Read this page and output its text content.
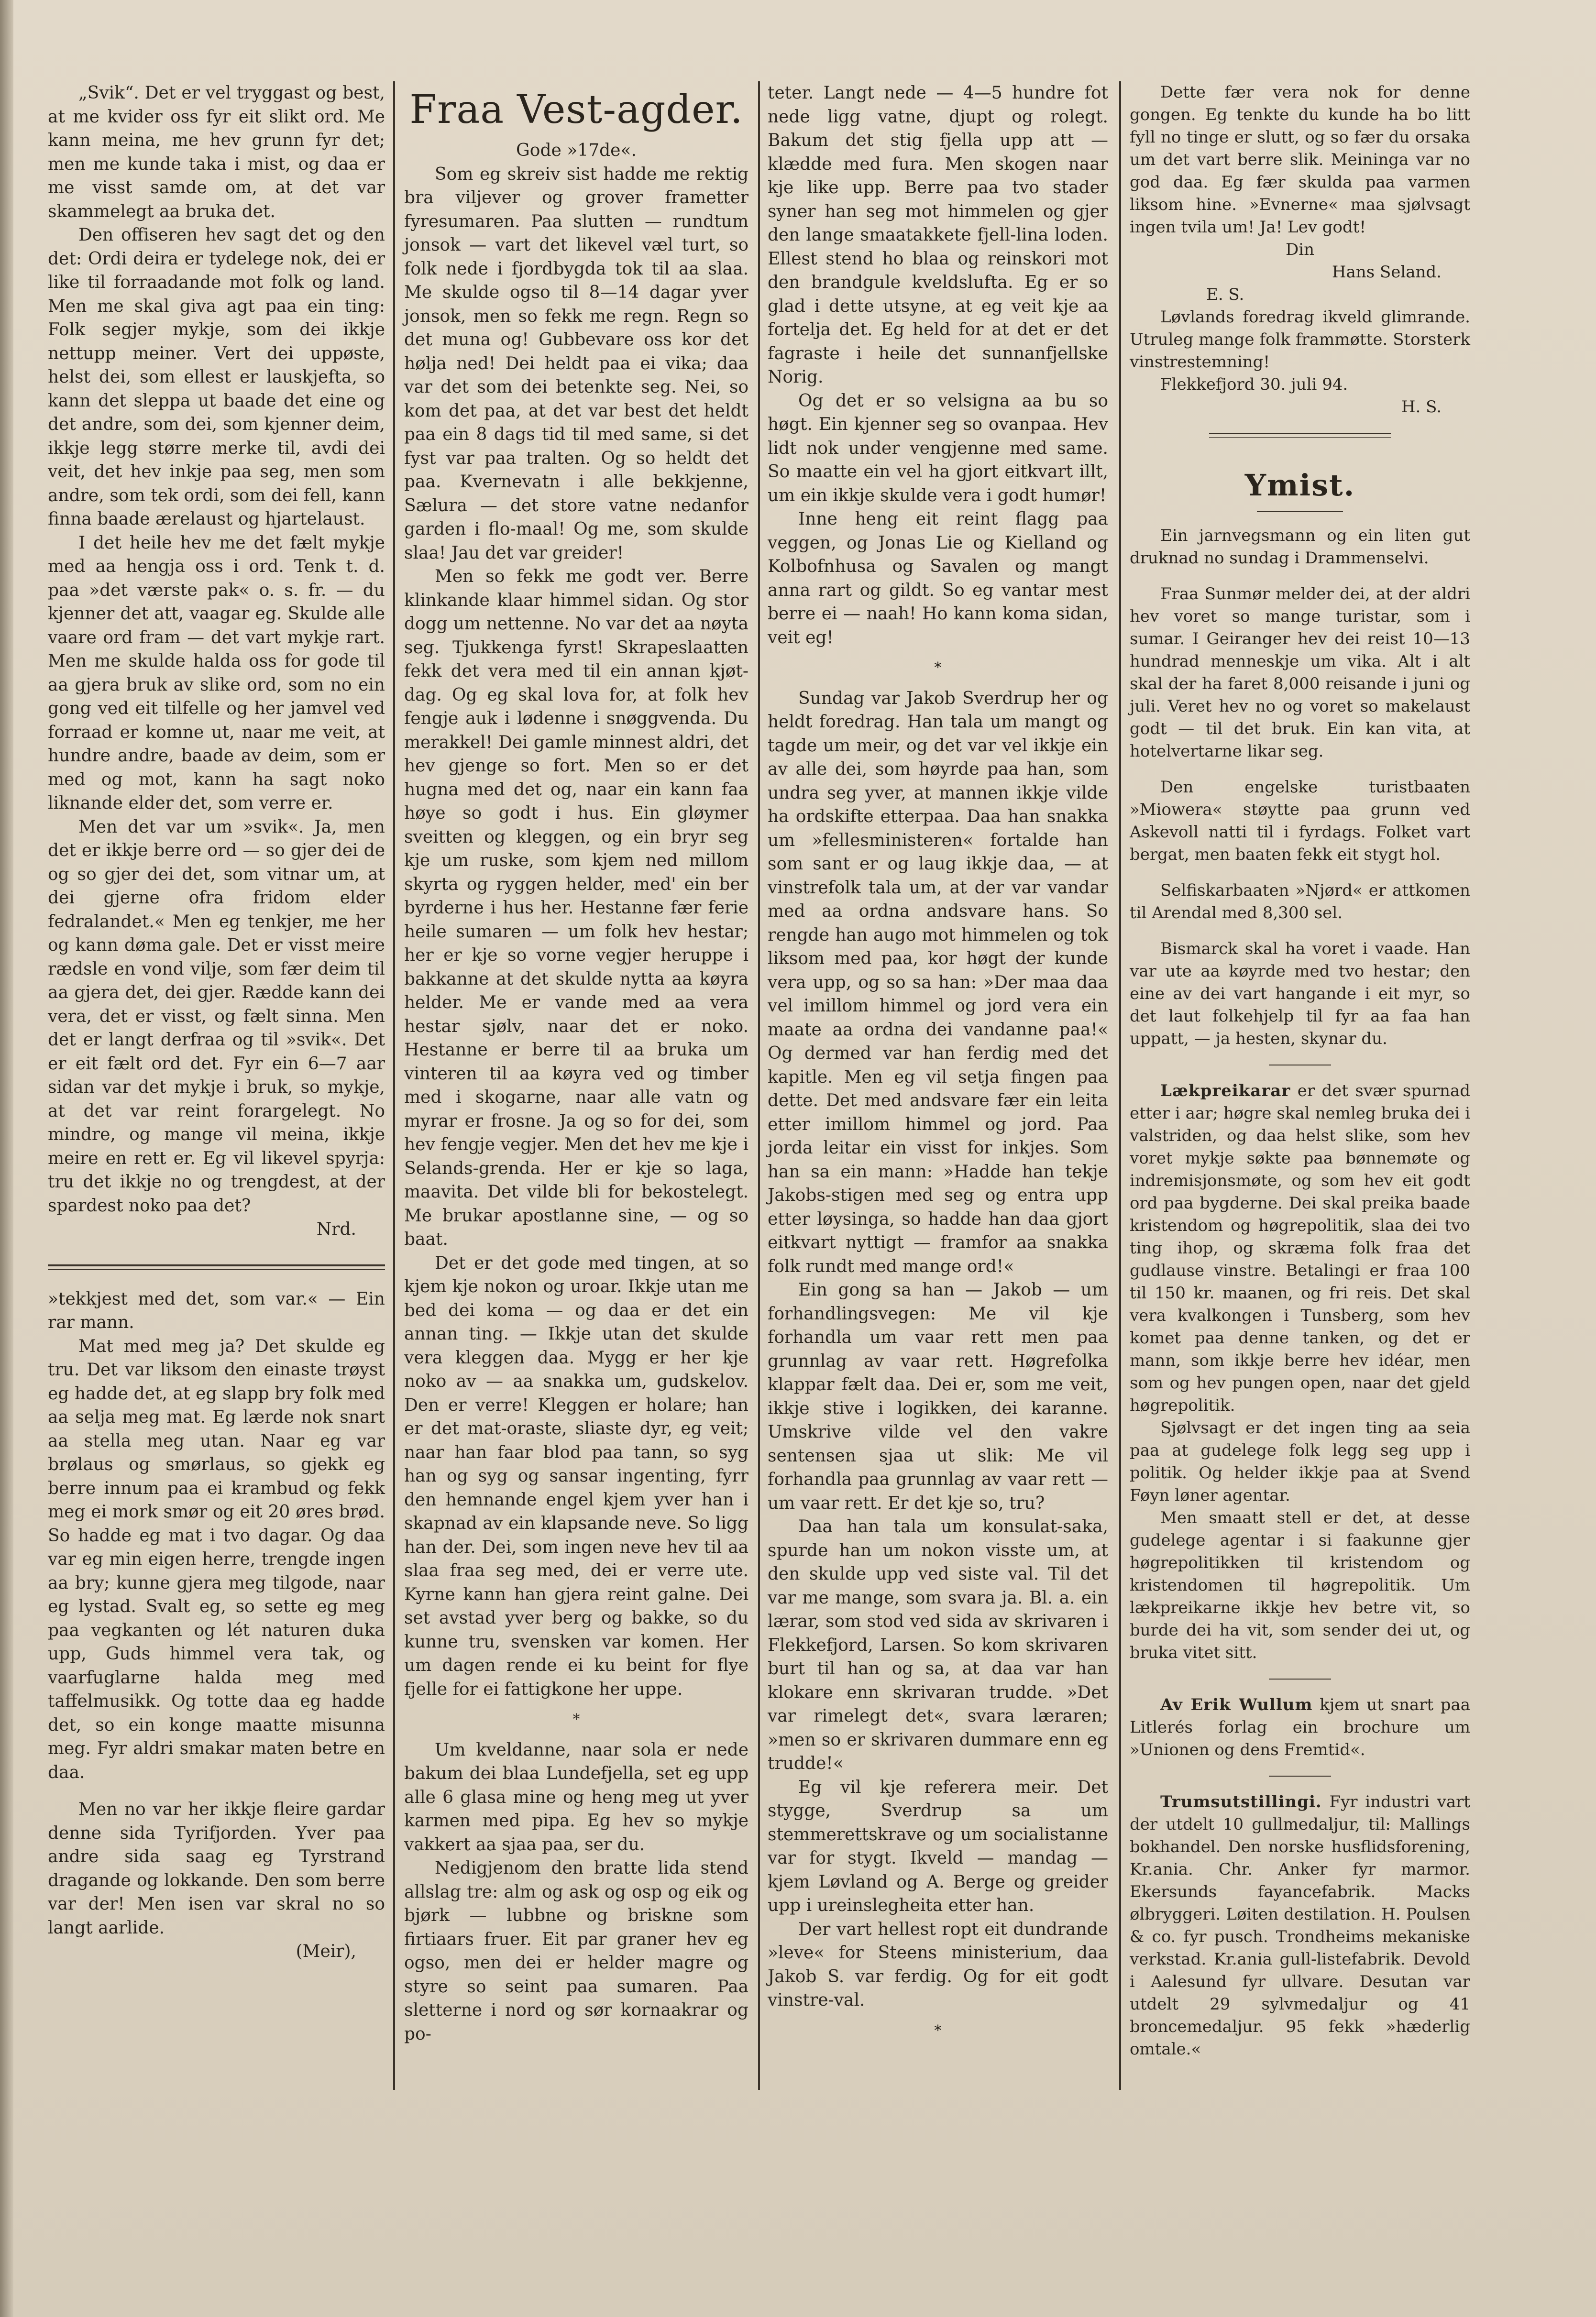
„Svik“. Det er vel tryggast og best, at me kvider oss fyr eit slikt ord. Me kann meina, me hev grunn fyr det; men me kunde taka i mist, og daa er me visst samde om, at det var skammelegt aa bruka det.

Den offiseren hev sagt det og den det: Ordi deira er tydelege nok, dei er like til forraadande mot folk og land. Men me skal giva agt paa ein ting: Folk segjer mykje, som dei ikkje nettupp meiner. Vert dei uppøste, helst dei, som ellest er lauskjefta, so kann det sleppa ut baade det eine og det andre, som dei, som kjenner deim, ikkje legg større merke til, avdi dei veit, det hev inkje paa seg, men som andre, som tek ordi, som dei fell, kann finna baade ærelaust og hjartelaust.

I det heile hev me det fælt mykje med aa hengja oss i ord. Tenk t. d. paa »det værste pak« o. s. fr. — du kjenner det att, vaagar eg. Skulde alle vaare ord fram — det vart mykje rart. Men me skulde halda oss for gode til aa gjera bruk av slike ord, som no ein gong ved eit tilfelle og her jamvel ved forraad er komne ut, naar me veit, at hundre andre, baade av deim, som er med og mot, kann ha sagt noko liknande elder det, som verre er.

Men det var um »svik«. Ja, men det er ikkje berre ord — so gjer dei de og so gjer dei det, som vitnar um, at dei gjerne ofra fridom elder fedralandet.« Men eg tenkjer, me her og kann døma gale. Det er visst meire rædsle en vond vilje, som fær deim til aa gjera det, dei gjer. Rædde kann dei vera, det er visst, og fælt sinna. Men det er langt derfraa og til »svik«. Det er eit fælt ord det. Fyr ein 6—7 aar sidan var det mykje i bruk, so mykje, at det var reint forargelegt. No mindre, og mange vil meina, ikkje meire en rett er. Eg vil likevel spyrja: tru det ikkje no og trengdest, at der spardest noko paa det?

Nrd.

»tekkjest med det, som var.« — Ein rar mann.

Mat med meg ja? Det skulde eg tru. Det var liksom den einaste trøyst eg hadde det, at eg slapp bry folk med aa selja meg mat. Eg lærde nok snart aa stella meg utan. Naar eg var brølaus og smørlaus, so gjekk eg berre innum paa ei krambud og fekk meg ei mork smør og eit 20 øres brød. So hadde eg mat i tvo dagar. Og daa var eg min eigen herre, trengde ingen aa bry; kunne gjera meg tilgode, naar eg lystad. Svalt eg, so sette eg meg paa vegkanten og lét naturen duka upp, Guds himmel vera tak, og vaarfuglarne halda meg med taffelmusikk. Og totte daa eg hadde det, so ein konge maatte misunna meg. Fyr aldri smakar maten betre en daa.

Men no var her ikkje fleire gardar denne sida Tyrifjorden. Yver paa andre sida saag eg Tyrstrand dragande og lokkande. Den som berre var der! Men isen var skral no so langt aarlide.

(Meir),

Fraa Vest-agder.

Gode »17de«.

Som eg skreiv sist hadde me rektig bra viljever og grover frametter fyresumaren. Paa slutten — rundtum jonsok — vart det likevel væl turt, so folk nede i fjordbygda tok til aa slaa. Me skulde ogso til 8—14 dagar yver jonsok, men so fekk me regn. Regn so det muna og! Gubbevare oss kor det hølja ned! Dei heldt paa ei vika; daa var det som dei betenkte seg. Nei, so kom det paa, at det var best det heldt paa ein 8 dags tid til med same, si det fyst var paa tralten. Og so heldt det paa. Kvernevatn i alle bekkjenne, Sælura — det store vatne nedanfor garden i flo-maal! Og me, som skulde slaa! Jau det var greider!

Men so fekk me godt ver. Berre klinkande klaar himmel sidan. Og stor dogg um nettenne. No var det aa nøyta seg. Tjukkenga fyrst! Skrapeslaatten fekk det vera med til ein annan kjøt-dag. Og eg skal lova for, at folk hev fengje auk i lødenne i snøggvenda. Du merakkel! Dei gamle minnest aldri, det hev gjenge so fort. Men so er det hugna med det og, naar ein kann faa høye so godt i hus. Ein gløymer sveitten og kleggen, og ein bryr seg kje um ruske, som kjem ned millom skyrta og ryggen helder, med' ein ber byrderne i hus her. Hestanne fær ferie heile sumaren — um folk hev hestar; her er kje so vorne vegjer heruppe i bakkanne at det skulde nytta aa køyra helder. Me er vande med aa vera hestar sjølv, naar det er noko. Hestanne er berre til aa bruka um vinteren til aa køyra ved og timber med i skogarne, naar alle vatn og myrar er frosne. Ja og so for dei, som hev fengje vegjer. Men det hev me kje i Selands-grenda. Her er kje so laga, maavita. Det vilde bli for bekostelegt. Me brukar apostlanne sine, — og so baat.

Det er det gode med tingen, at so kjem kje nokon og uroar. Ikkje utan me bed dei koma — og daa er det ein annan ting. — Ikkje utan det skulde vera kleggen daa. Mygg er her kje noko av — aa snakka um, gudskelov. Den er verre! Kleggen er holare; han er det mat-oraste, sliaste dyr, eg veit; naar han faar blod paa tann, so syg han og syg og sansar ingenting, fyrr den hemnande engel kjem yver han i skapnad av ein klapsande neve. So ligg han der. Dei, som ingen neve hev til aa slaa fraa seg med, dei er verre ute. Kyrne kann han gjera reint galne. Dei set avstad yver berg og bakke, so du kunne tru, svensken var komen. Her um dagen rende ei ku beint for flye fjelle for ei fattigkone her uppe.

*

Um kveldanne, naar sola er nede bakum dei blaa Lundefjella, set eg upp alle 6 glasa mine og heng meg ut yver karmen med pipa. Eg hev so mykje vakkert aa sjaa paa, ser du.

Nedigjenom den bratte lida stend allslag tre: alm og ask og osp og eik og bjørk — lubbne og briskne som firtiaars fruer. Eit par graner hev eg ogso, men dei er helder magre og styre so seint paa sumaren. Paa sletterne i nord og sør kornaakrar og po-

teter. Langt nede — 4—5 hundre fot nede ligg vatne, djupt og rolegt. Bakum det stig fjella upp att — klædde med fura. Men skogen naar kje like upp. Berre paa tvo stader syner han seg mot himmelen og gjer den lange smaatakkete fjell-lina loden. Ellest stend ho blaa og reinskori mot den brandgule kveldslufta. Eg er so glad i dette utsyne, at eg veit kje aa fortelja det. Eg held for at det er det fagraste i heile det sunnanfjellske Norig.

Og det er so velsigna aa bu so høgt. Ein kjenner seg so ovanpaa. Hev lidt nok under vengjenne med same. So maatte ein vel ha gjort eitkvart illt, um ein ikkje skulde vera i godt humør!

Inne heng eit reint flagg paa veggen, og Jonas Lie og Kielland og Kolbofnhusa og Savalen og mangt anna rart og gildt. So eg vantar mest berre ei — naah! Ho kann koma sidan, veit eg!

*

Sundag var Jakob Sverdrup her og heldt foredrag. Han tala um mangt og tagde um meir, og det var vel ikkje ein av alle dei, som høyrde paa han, som undra seg yver, at mannen ikkje vilde ha ordskifte etterpaa. Daa han snakka um »fellesministeren« fortalde han som sant er og laug ikkje daa, — at vinstrefolk tala um, at der var vandar med aa ordna andsvare hans. So rengde han augo mot himmelen og tok liksom med paa, kor høgt der kunde vera upp, og so sa han: »Der maa daa vel imillom himmel og jord vera ein maate aa ordna dei vandanne paa!« Og dermed var han ferdig med det kapitle. Men eg vil setja fingen paa dette. Det med andsvare fær ein leita etter imillom himmel og jord. Paa jorda leitar ein visst for inkjes. Som han sa ein mann: »Hadde han tekje Jakobs-stigen med seg og entra upp etter løysinga, so hadde han daa gjort eitkvart nyttigt — framfor aa snakka folk rundt med mange ord!«

Ein gong sa han — Jakob — um forhandlingsvegen: Me vil kje forhandla um vaar rett men paa grunnlag av vaar rett. Høgrefolka klappar fælt daa. Dei er, som me veit, ikkje stive i logikken, dei karanne. Umskrive vilde vel den vakre sentensen sjaa ut slik: Me vil forhandla paa grunnlag av vaar rett — um vaar rett. Er det kje so, tru?

Daa han tala um konsulat-saka, spurde han um nokon visste um, at den skulde upp ved siste val. Til det var me mange, som svara ja. Bl. a. ein lærar, som stod ved sida av skrivaren i Flekkefjord, Larsen. So kom skrivaren burt til han og sa, at daa var han klokare enn skrivaran trudde. »Det var rimelegt det«, svara læraren; »men so er skrivaren dummare enn eg trudde!«

Eg vil kje referera meir. Det stygge, Sverdrup sa um stemmerettskrave og um socialistanne var for stygt. Ikveld — mandag — kjem Løvland og A. Berge og greider upp i ureinslegheita etter han.

Der vart hellest ropt eit dundrande »leve« for Steens ministerium, daa Jakob S. var ferdig. Og for eit godt vinstre-val.

*

Dette fær vera nok for denne gongen. Eg tenkte du kunde ha bo litt fyll no tinge er slutt, og so fær du orsaka um det vart berre slik. Meininga var no god daa. Eg fær skulda paa varmen liksom hine. »Evnerne« maa sjølvsagt ingen tvila um! Ja! Lev godt!

Din

Hans Seland.

E. S.

Løvlands foredrag ikveld glimrande. Utruleg mange folk frammøtte. Storsterk vinstrestemning!

Flekkefjord 30. juli 94.

H. S.

Ymist.

Ein jarnvegsmann og ein liten gut druknad no sundag i Drammenselvi.

Fraa Sunmør melder dei, at der aldri hev voret so mange turistar, som i sumar. I Geiranger hev dei reist 10—13 hundrad menneskje um vika. Alt i alt skal der ha faret 8,000 reisande i juni og juli. Veret hev no og voret so makelaust godt — til det bruk. Ein kan vita, at hotelvertarne likar seg.

Den engelske turistbaaten »Miowera« støytte paa grunn ved Askevoll natti til i fyrdags. Folket vart bergat, men baaten fekk eit stygt hol.

Selfiskarbaaten »Njørd« er attkomen til Arendal med 8,300 sel.

Bismarck skal ha voret i vaade. Han var ute aa køyrde med tvo hestar; den eine av dei vart hangande i eit myr, so det laut folkehjelp til fyr aa faa han uppatt, — ja hesten, skynar du.

Lækpreikarar er det svær spurnad etter i aar; høgre skal nemleg bruka dei i valstriden, og daa helst slike, som hev voret mykje søkte paa bønnemøte og indremisjonsmøte, og som hev eit godt ord paa bygderne. Dei skal preika baade kristendom og høgrepolitik, slaa dei tvo ting ihop, og skræma folk fraa det gudlause vinstre. Betalingi er fraa 100 til 150 kr. maanen, og fri reis. Det skal vera kvalkongen i Tunsberg, som hev komet paa denne tanken, og det er mann, som ikkje berre hev idéar, men som og hev pungen open, naar det gjeld høgrepolitik.

Sjølvsagt er det ingen ting aa seia paa at gudelege folk legg seg upp i politik. Og helder ikkje paa at Svend Føyn løner agentar.

Men smaatt stell er det, at desse gudelege agentar i si faakunne gjer høgrepolitikken til kristendom og kristendomen til høgrepolitik. Um lækpreikarne ikkje hev betre vit, so burde dei ha vit, som sender dei ut, og bruka vitet sitt.

Av Erik Wullum kjem ut snart paa Litlerés forlag ein brochure um »Unionen og dens Fremtid«.

Trumsutstillingi. Fyr industri vart der utdelt 10 gullmedaljur, til: Mallings bokhandel. Den norske husflidsforening, Kr.ania. Chr. Anker fyr marmor. Ekersunds fayancefabrik. Macks ølbryggeri. Løiten destilation. H. Poulsen & co. fyr pusch. Trondheims mekaniske verkstad. Kr.ania gull-listefabrik. Devold i Aalesund fyr ullvare. Desutan var utdelt 29 sylvmedaljur og 41 broncemedaljur. 95 fekk »hæderlig omtale.«
